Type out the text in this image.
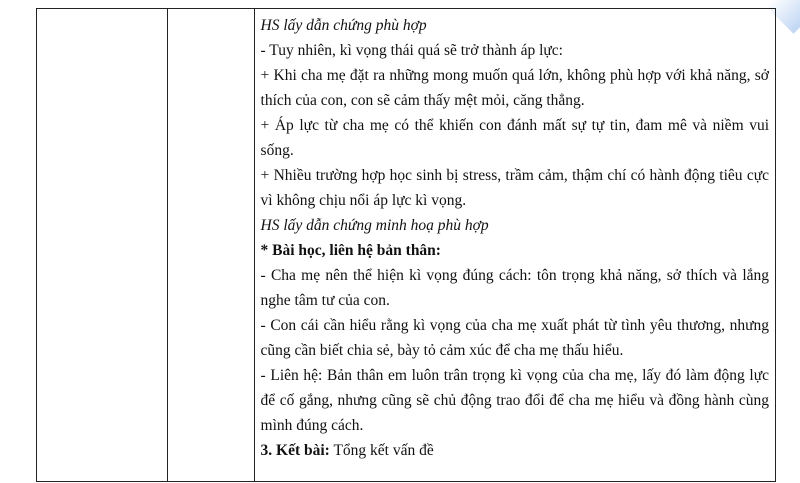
HS lấy dẫn chứng phù hợp

- Tuy nhiên, kì vọng thái quá sẽ trở thành áp lực:

+ Khi cha mẹ đặt ra những mong muốn quá lớn, không phù hợp với khả năng, sở thích của con, con sẽ cảm thấy mệt mỏi, căng thẳng.

+ Áp lực từ cha mẹ có thể khiến con đánh mất sự tự tin, đam mê và niềm vui sống.

+ Nhiều trường hợp học sinh bị stress, trầm cảm, thậm chí có hành động tiêu cực vì không chịu nổi áp lực kì vọng.

HS lấy dẫn chứng minh hoạ phù hợp

* Bài học, liên hệ bản thân:

- Cha mẹ nên thể hiện kì vọng đúng cách: tôn trọng khả năng, sở thích và lắng nghe tâm tư của con.

- Con cái cần hiểu rằng kì vọng của cha mẹ xuất phát từ tình yêu thương, nhưng cũng cần biết chia sẻ, bày tỏ cảm xúc để cha mẹ thấu hiểu.

- Liên hệ: Bản thân em luôn trân trọng kì vọng của cha mẹ, lấy đó làm động lực để cố gắng, nhưng cũng sẽ chủ động trao đổi để cha mẹ hiểu và đồng hành cùng mình đúng cách.

3. Kết bài: Tổng kết vấn đề
